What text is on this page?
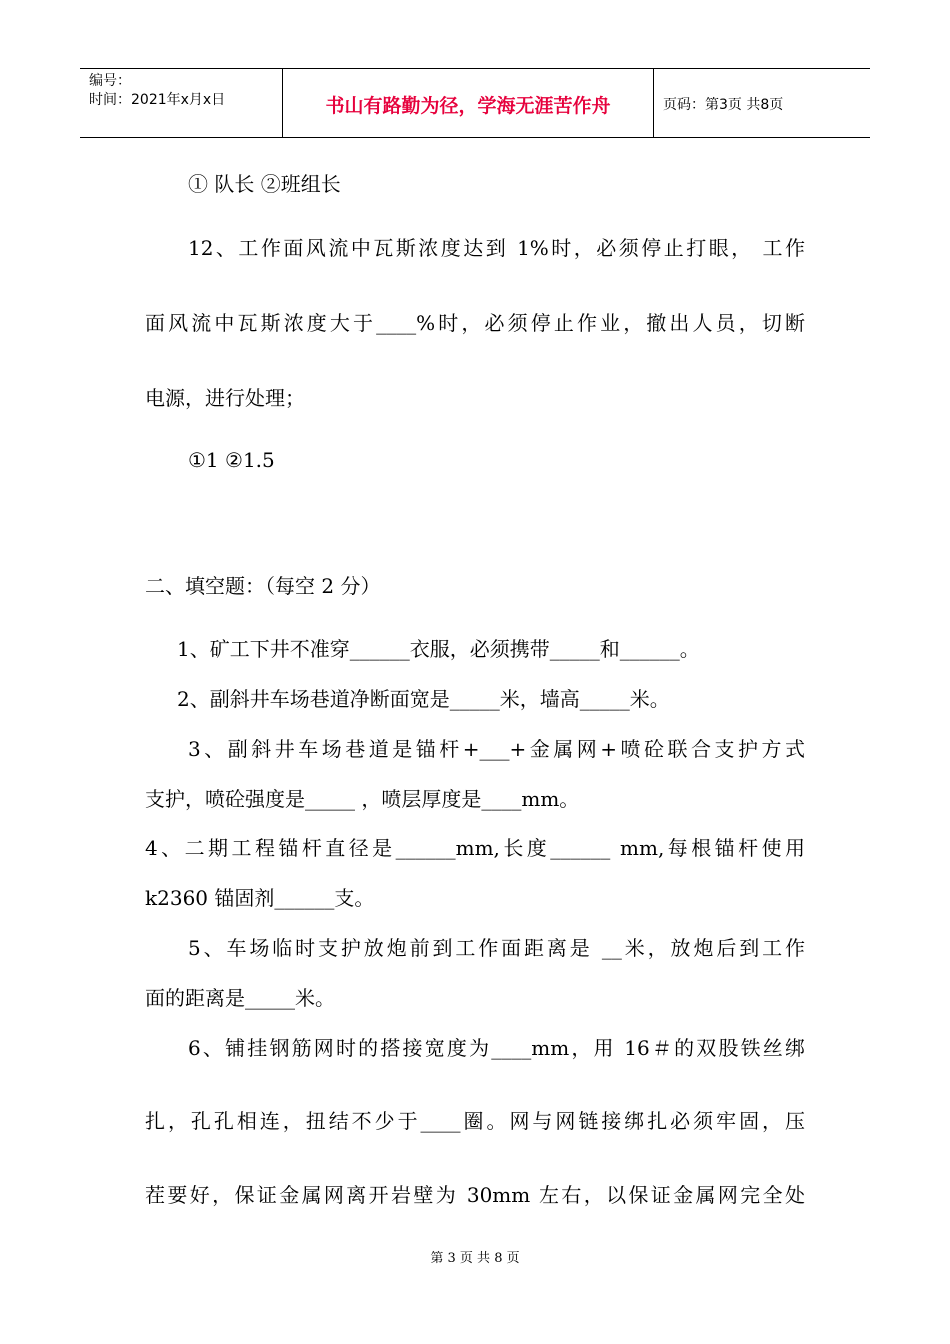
编号：
时间：2021年x月x日	书山有路勤为径，学海无涯苦作舟	页码：第3页 共8页
① 队长 ②班组长
12、工作面风流中瓦斯浓度达到 1%时，必须停止打眼， 工作
面风流中瓦斯浓度大于____%时，必须停止作业，撤出人员，切断
电源，进行处理；
①1 ②1.5
二、填空题：（每空 2 分）
1、矿工下井不准穿______衣服，必须携带_____和______。
2、副斜井车场巷道净断面宽是_____米，墙高_____米。
3、副斜井车场巷道是锚杆+___+金属网+喷砼联合支护方式
支护，喷砼强度是_____ ，喷层厚度是____mm。
4、二期工程锚杆直径是______mm,长度______ mm,每根锚杆使用
k2360 锚固剂______支。
5、车场临时支护放炮前到工作面距离是 __米，放炮后到工作
面的距离是_____米。
6、铺挂钢筋网时的搭接宽度为____mm，用 16＃的双股铁丝绑
扎，孔孔相连，扭结不少于____圈。网与网链接绑扎必须牢固，压
茬要好，保证金属网离开岩壁为 30mm 左右，以保证金属网完全处
第 3 页 共 8 页
